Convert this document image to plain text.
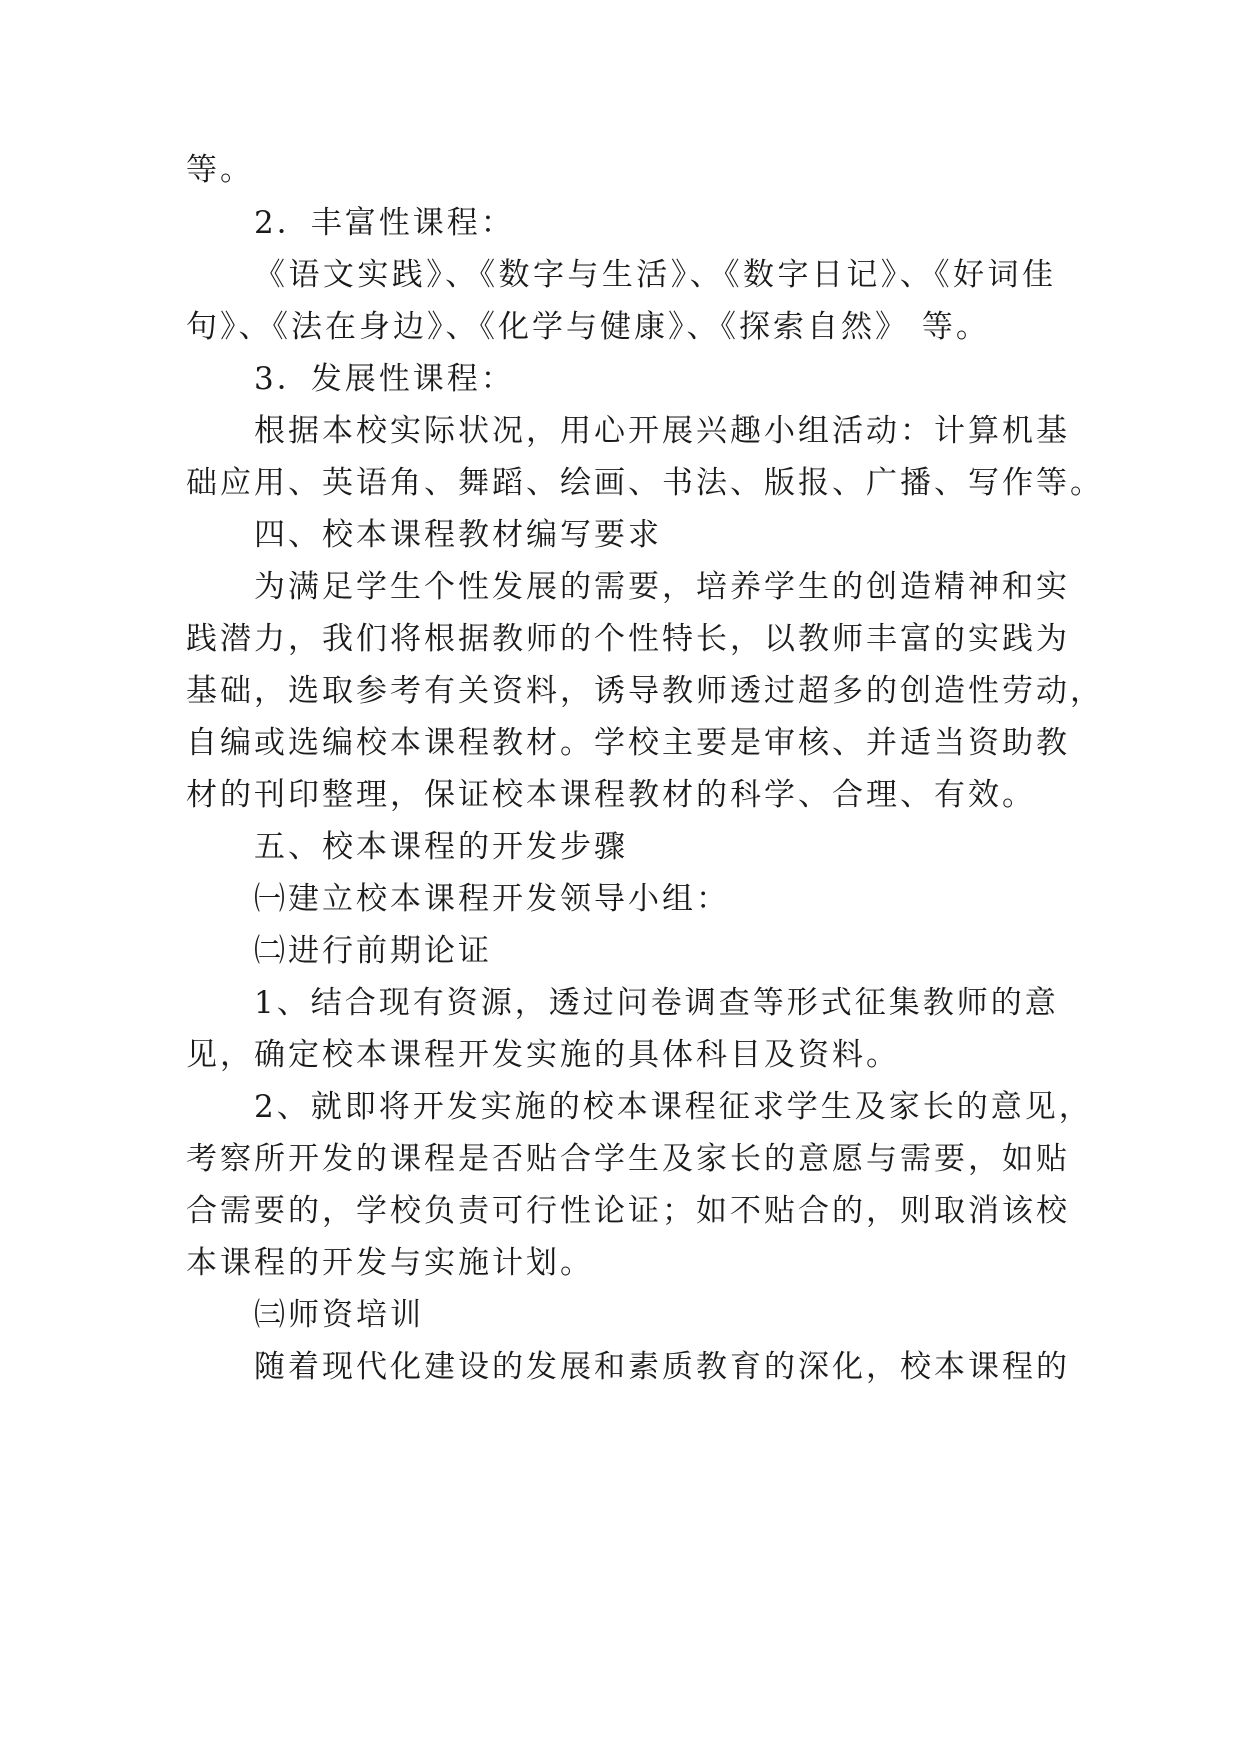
等。
2．丰富性课程：
《语文实践》、《数字与生活》、《数字日记》、《好词佳
句》、《法在身边》、《化学与健康》、《探索自然》 等。
3．发展性课程：
根据本校实际状况，用心开展兴趣小组活动：计算机基
础应用、英语角、舞蹈、绘画、书法、版报、广播、写作等。
四、校本课程教材编写要求
为满足学生个性发展的需要，培养学生的创造精神和实
践潜力，我们将根据教师的个性特长，以教师丰富的实践为
基础，选取参考有关资料，诱导教师透过超多的创造性劳动，
自编或选编校本课程教材。学校主要是审核、并适当资助教
材的刊印整理，保证校本课程教材的科学、合理、有效。
五、校本课程的开发步骤
㈠建立校本课程开发领导小组：
㈡进行前期论证
1、结合现有资源，透过问卷调查等形式征集教师的意
见，确定校本课程开发实施的具体科目及资料。
2、就即将开发实施的校本课程征求学生及家长的意见，
考察所开发的课程是否贴合学生及家长的意愿与需要，如贴
合需要的，学校负责可行性论证；如不贴合的，则取消该校
本课程的开发与实施计划。
㈢师资培训
随着现代化建设的发展和素质教育的深化，校本课程的
